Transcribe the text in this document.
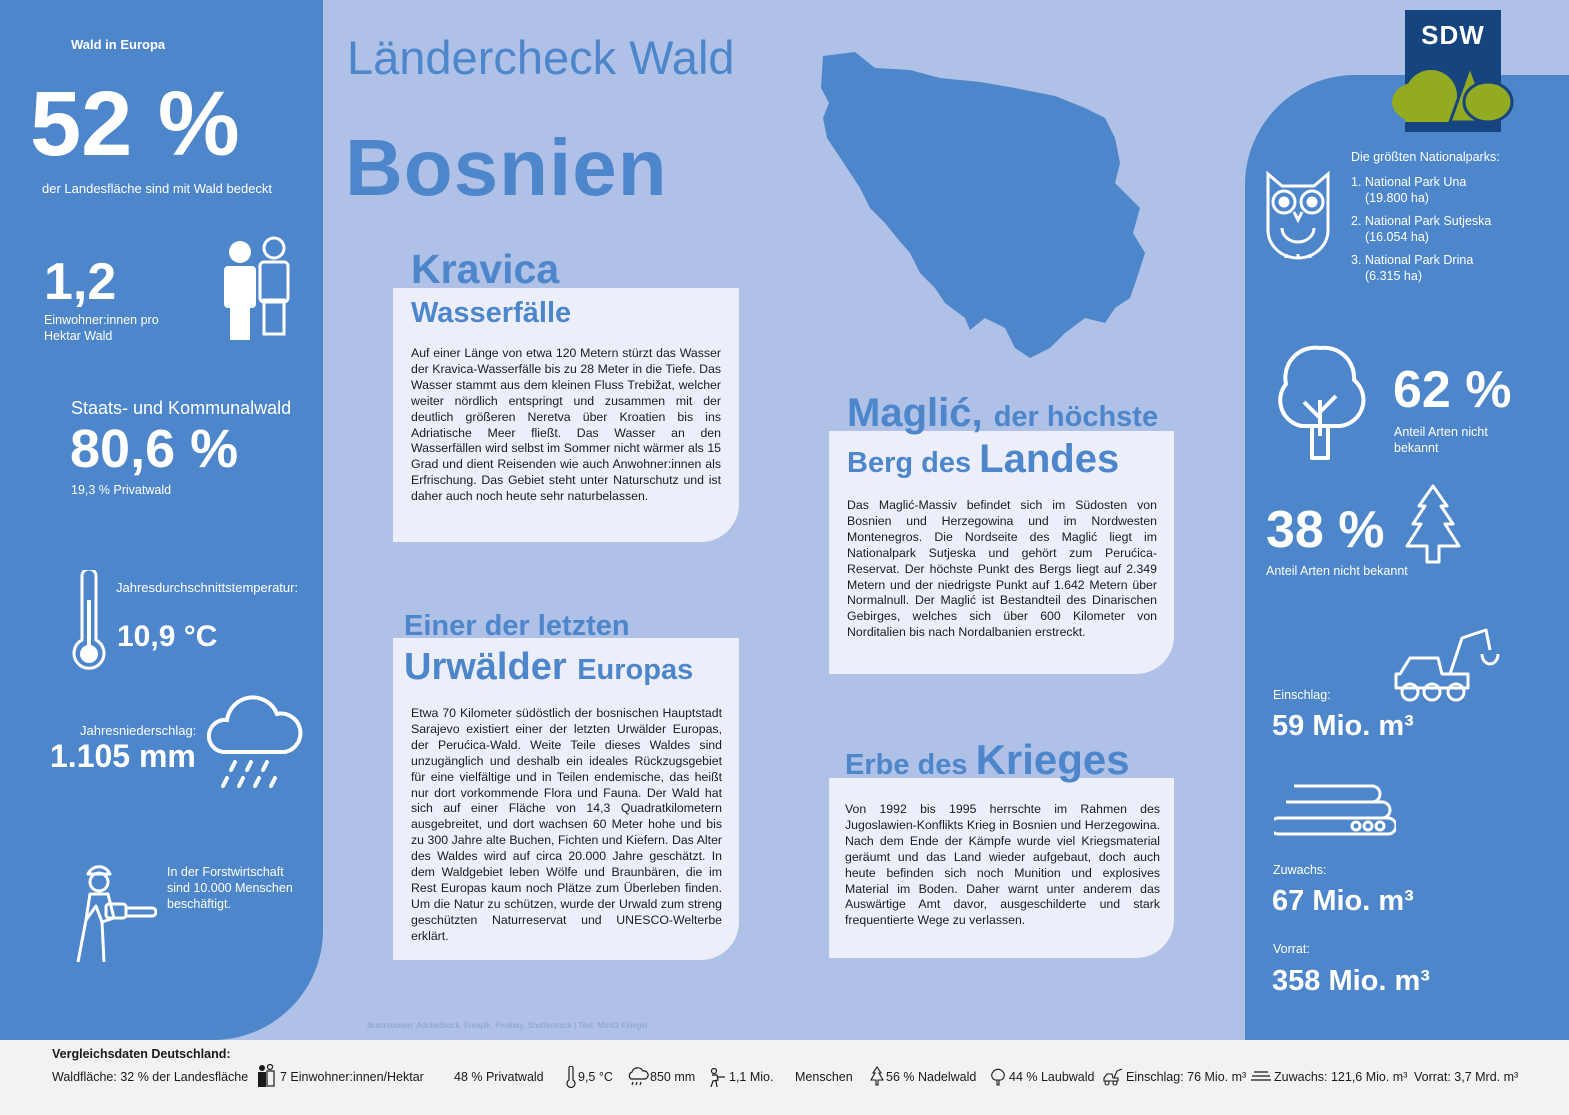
Ländercheck Wald
Bosnien
SDW
Wald in Europa
52 %
der Landesfläche sind mit Wald bedeckt
1,2
Einwohner:innen pro
Hektar Wald
Staats- und Kommunalwald
80,6 %
19,3 % Privatwald
Jahresdurchschnittstemperatur:
10,9 °C
Jahresniederschlag:
1.105 mm
In der Forstwirtschaft
sind 10.000 Menschen
beschäftigt.
Die größten Nationalparks:
1. National Park Una
(19.800 ha)
2. National Park Sutjeska
(16.054 ha)
3. National Park Drina
(6.315 ha)
62 %
Anteil Arten nicht
bekannt
38 %
Anteil Arten nicht bekannt
Einschlag:
59 Mio. m³
Zuwachs:
67 Mio. m³
Vorrat:
358 Mio. m³
Kravica
Wasserfälle
Auf einer Länge von etwa 120 Metern stürzt das Wasser der Kravica-Wasserfälle bis zu 28 Meter in die Tiefe. Das Wasser stammt aus dem kleinen Fluss Trebižat, welcher weiter nördlich entspringt und zusammen mit der deutlich größeren Neretva über Kroatien bis ins Adriatische Meer fließt. Das Wasser an den Wasserfällen wird selbst im Sommer nicht wärmer als 15 Grad und dient Reisenden wie auch Anwohner:innen als Erfrischung. Das Gebiet steht unter Naturschutz und ist daher auch noch heute sehr naturbelassen.
Einer der letzten
Urwälder Europas
Etwa 70 Kilometer südöstlich der bosnischen Hauptstadt Sarajevo existiert einer der letzten Urwälder Europas, der Perućica-Wald. Weite Teile dieses Waldes sind unzugänglich und deshalb ein ideales Rückzugsgebiet für eine vielfältige und in Teilen endemische, das heißt nur dort vorkommende Flora und Fauna. Der Wald hat sich auf einer Fläche von 14,3 Quadratkilometern ausgebreitet, und dort wachsen 60 Meter hohe und bis zu 300 Jahre alte Buchen, Fichten und Kiefern. Das Alter des Waldes wird auf circa 20.000 Jahre geschätzt. In dem Waldgebiet leben Wölfe und Braunbären, die im Rest Europas kaum noch Plätze zum Überleben finden. Um die Natur zu schützen, wurde der Urwald zum streng geschützten Naturreservat und UNESCO-Welterbe erklärt.
Maglić, der höchste
Berg des Landes
Das Maglić-Massiv befindet sich im Südosten von Bosnien und Herzegowina und im Nordwesten Montenegros. Die Nordseite des Maglić liegt im Nationalpark Sutjeska und gehört zum Perućica-Reservat. Der höchste Punkt des Bergs liegt auf 2.349 Metern und der niedrigste Punkt auf 1.642 Metern über Normalnull. Der Maglić ist Bestandteil des Dinarischen Gebirges, welches sich über 600 Kilometer von Norditalien bis nach Nordalbanien erstreckt.
Erbe des Krieges
Von 1992 bis 1995 herrschte im Rahmen des Jugoslawien-Konflikts Krieg in Bosnien und Herzegowina. Nach dem Ende der Kämpfe wurde viel Kriegsmaterial geräumt und das Land wieder aufgebaut, doch auch heute befinden sich noch Munition und explosives Material im Boden. Daher warnt unter anderem das Auswärtige Amt davor, ausgeschilderte und stark frequentierte Wege zu verlassen.
Illustrationen: AdobeStock, Freepik, Pixabay, Shutterstock | Text: Moritz Floegel
Vergleichsdaten Deutschland:
Waldfläche: 32 % der Landesfläche	7 Einwohner:innen/Hektar 48 % Privatwald	9,5 °C	850 mm	1,1 Mio. Menschen	56 % Nadelwald	44 % Laubwald	Einschlag: 76 Mio. m³ Zuwachs: 121,6 Mio. m³ Vorrat: 3,7 Mrd. m³
